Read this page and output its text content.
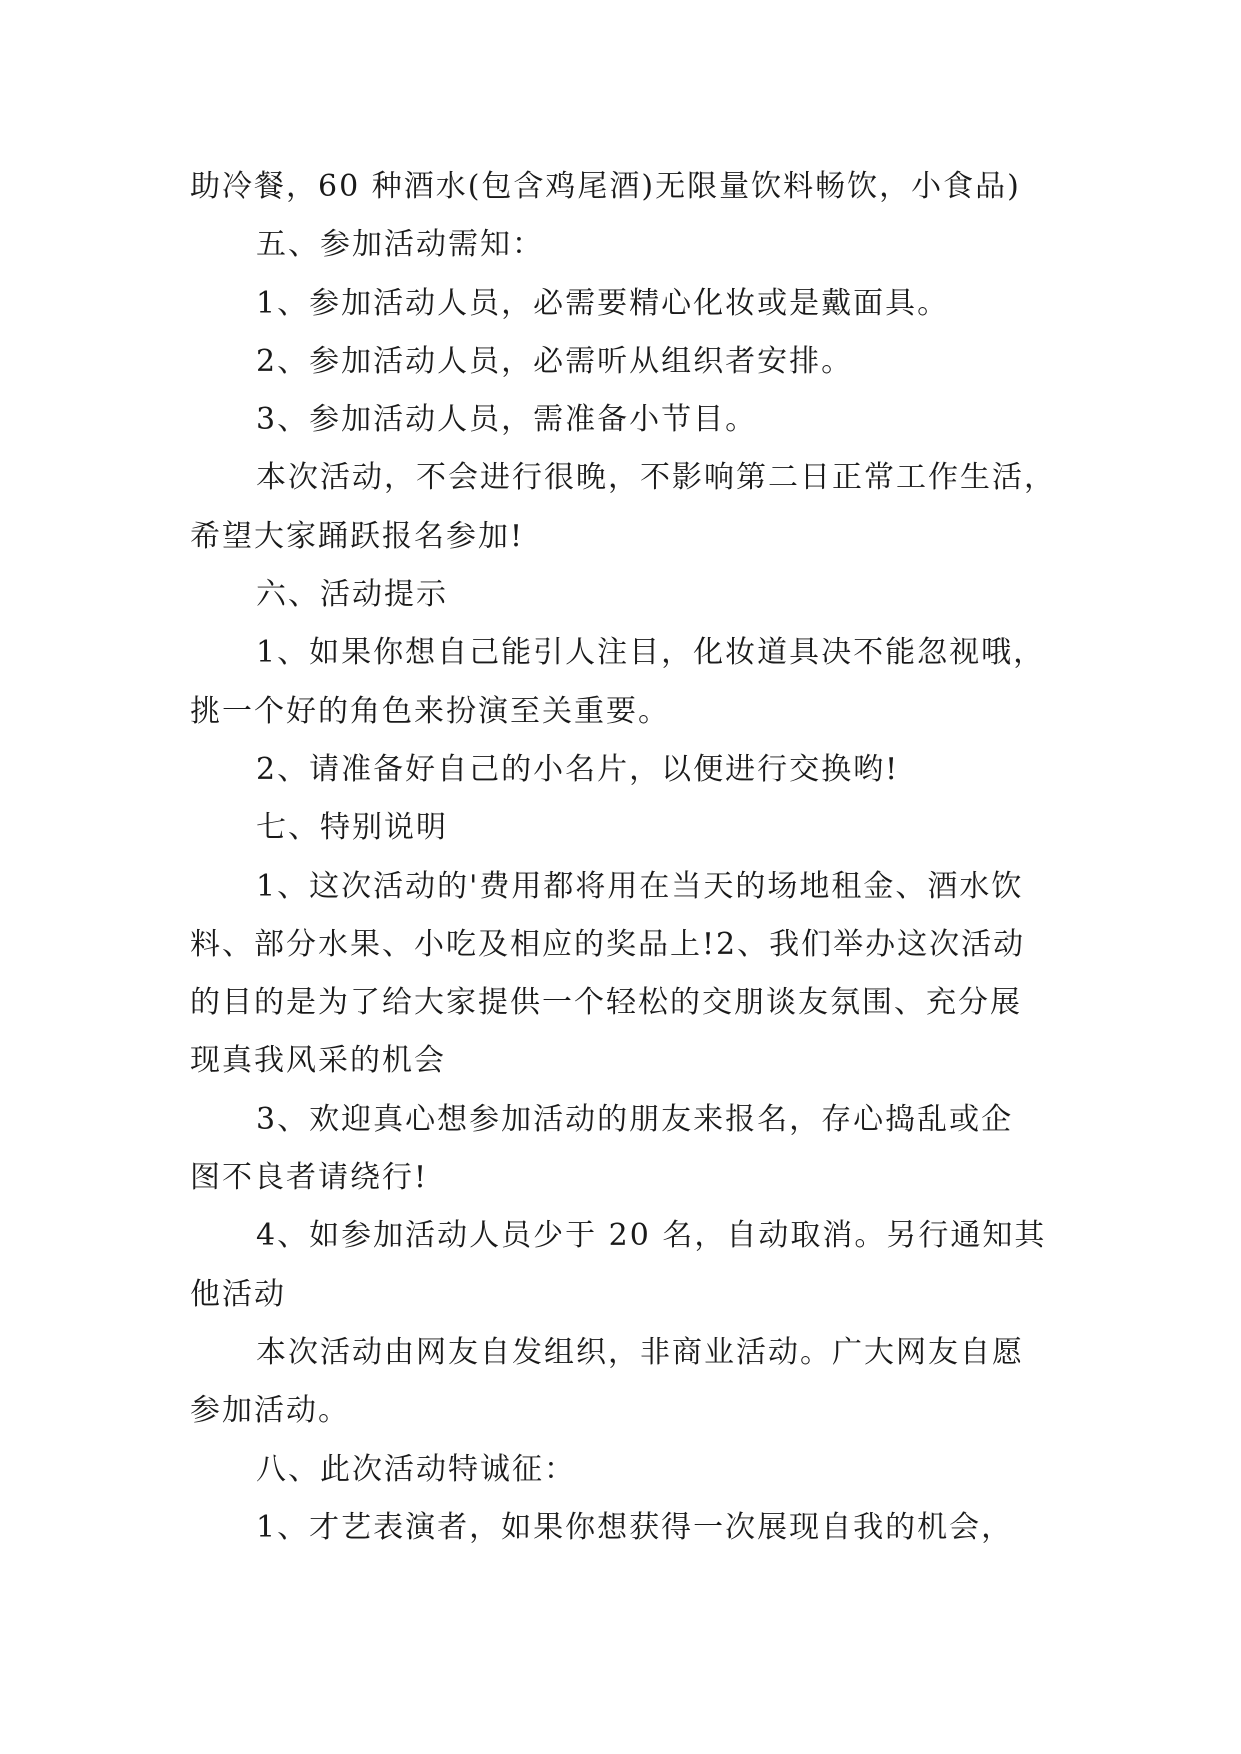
助冷餐，60 种酒水(包含鸡尾酒)无限量饮料畅饮，小食品)
五、参加活动需知：
1、参加活动人员，必需要精心化妆或是戴面具。
2、参加活动人员，必需听从组织者安排。
3、参加活动人员，需准备小节目。
本次活动，不会进行很晚，不影响第二日正常工作生活，
希望大家踊跃报名参加!
六、活动提示
1、如果你想自己能引人注目，化妆道具决不能忽视哦，
挑一个好的角色来扮演至关重要。
2、请准备好自己的小名片，以便进行交换哟!
七、特别说明
1、这次活动的'费用都将用在当天的场地租金、酒水饮
料、部分水果、小吃及相应的奖品上!2、我们举办这次活动
的目的是为了给大家提供一个轻松的交朋谈友氛围、充分展
现真我风采的机会
3、欢迎真心想参加活动的朋友来报名，存心捣乱或企
图不良者请绕行!
4、如参加活动人员少于 20 名，自动取消。另行通知其
他活动
本次活动由网友自发组织，非商业活动。广大网友自愿
参加活动。
八、此次活动特诚征：
1、才艺表演者，如果你想获得一次展现自我的机会，
